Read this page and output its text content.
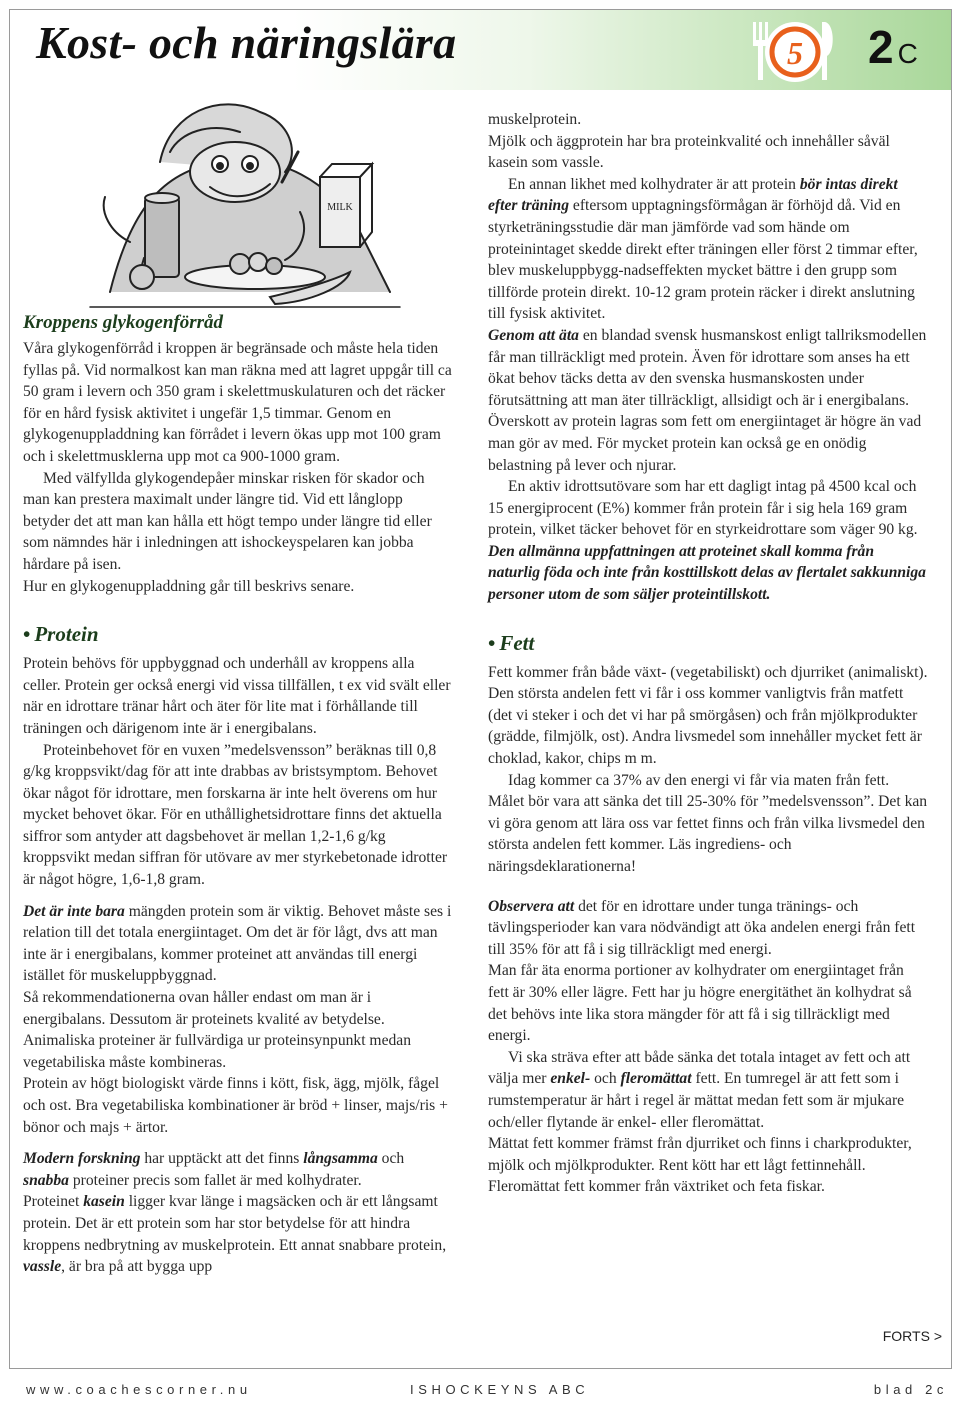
Kost- och näringslära	5 2 C
MILK
Kroppens glykogenförråd

Våra glykogenförråd i kroppen är begränsade och måste hela tiden fyllas på. Vid normalkost kan man räkna med att lagret uppgår till ca 50 gram i levern och 350 gram i skelettmuskulaturen och det räcker för en hård fysisk aktivitet i ungefär 1,5 timmar. Genom en glykogenuppladdning kan förrådet i levern ökas upp mot 100 gram och i skelettmusklerna upp mot ca 900-1000 gram.

Med välfyllda glykogendepåer minskar risken för skador och man kan prestera maximalt under längre tid. Vid ett långlopp betyder det att man kan hålla ett högt tempo under längre tid eller som nämndes här i inledningen att ishockeyspelaren kan jobba hårdare på isen.

Hur en glykogenuppladdning går till beskrivs senare.

• Protein

Protein behövs för uppbyggnad och underhåll av kroppens alla celler. Protein ger också energi vid vissa tillfällen, t ex vid svält eller när en idrottare tränar hårt och äter för lite mat i förhållande till träningen och därigenom inte är i energibalans.

Proteinbehovet för en vuxen ”medelsvensson” beräknas till 0,8 g/kg kroppsvikt/dag för att inte drabbas av bristsymptom. Behovet ökar något för idrottare, men forskarna är inte helt överens om hur mycket behovet ökar. För en uthållighetsidrottare finns det aktuella siffror som antyder att dagsbehovet är mellan 1,2-1,6 g/kg kroppsvikt medan siffran för utövare av mer styrkebetonade idrotter är något högre, 1,6-1,8 gram.

Det är inte bara mängden protein som är viktig. Behovet måste ses i relation till det totala energiintaget. Om det är för lågt, dvs att man inte är i energibalans, kommer proteinet att användas till energi istället för muskeluppbyggnad.

Så rekommendationerna ovan håller endast om man är i energibalans. Dessutom är proteinets kvalité av betydelse. Animaliska proteiner är fullvärdiga ur proteinsynpunkt medan vegetabiliska måste kombineras.

Protein av högt biologiskt värde finns i kött, fisk, ägg, mjölk, fågel och ost. Bra vegetabiliska kombinationer är bröd + linser, majs/ris + bönor och majs + ärtor.

Modern forskning har upptäckt att det finns långsamma och snabba proteiner precis som fallet är med kolhydrater.

Proteinet kasein ligger kvar länge i magsäcken och är ett långsamt protein. Det är ett protein som har stor betydelse för att hindra kroppens nedbrytning av muskelprotein. Ett annat snabbare protein, vassle, är bra på att bygga upp

muskelprotein.

Mjölk och äggprotein har bra proteinkvalité och innehåller såväl kasein som vassle.

En annan likhet med kolhydrater är att protein bör intas direkt efter träning eftersom upptagningsförmågan är förhöjd då. Vid en styrketräningsstudie där man jämförde vad som hände om proteinintaget skedde direkt efter träningen eller först 2 timmar efter, blev muskeluppbygg-nadseffekten mycket bättre i den grupp som tillförde protein direkt. 10-12 gram protein räcker i direkt anslutning till fysisk aktivitet.

Genom att äta en blandad svensk husmanskost enligt tallriksmodellen får man tillräckligt med protein. Även för idrottare som anses ha ett ökat behov täcks detta av den svenska husmanskosten under förutsättning att man äter tillräckligt, allsidigt och är i energibalans. Överskott av protein lagras som fett om energiintaget är högre än vad man gör av med. För mycket protein kan också ge en onödig belastning på lever och njurar.

En aktiv idrottsutövare som har ett dagligt intag på 4500 kcal och 15 energiprocent (E%) kommer från protein får i sig hela 169 gram protein, vilket täcker behovet för en styrkeidrottare som väger 90 kg.

Den allmänna uppfattningen att proteinet skall komma från naturlig föda och inte från kosttillskott delas av flertalet sakkunniga personer utom de som säljer proteintillskott.

• Fett

Fett kommer från både växt- (vegetabiliskt) och djurriket (animaliskt). Den största andelen fett vi får i oss kommer vanligtvis från matfett (det vi steker i och det vi har på smörgåsen) och från mjölkprodukter (grädde, filmjölk, ost). Andra livsmedel som innehåller mycket fett är choklad, kakor, chips m m.

Idag kommer ca 37% av den energi vi får via maten från fett. Målet bör vara att sänka det till 25-30% för ”medelsvensson”. Det kan vi göra genom att lära oss var fettet finns och från vilka livsmedel den största andelen fett kommer. Läs ingrediens- och näringsdeklarationerna!

Observera att det för en idrottare under tunga tränings- och tävlingsperioder kan vara nödvändigt att öka andelen energi från fett till 35% för att få i sig tillräckligt med energi.

Man får äta enorma portioner av kolhydrater om energiintaget från fett är 30% eller lägre. Fett har ju högre energitäthet än kolhydrat så det behövs inte lika stora mängder för att få i sig tillräckligt med energi.

Vi ska sträva efter att både sänka det totala intaget av fett och att välja mer enkel- och fleromättat fett. En tumregel är att fett som i rumstemperatur är hårt i regel är mättat medan fett som är mjukare och/eller flytande är enkel- eller fleromättat.

Mättat fett kommer främst från djurriket och finns i charkprodukter, mjölk och mjölkprodukter. Rent kött har ett lågt fettinnehåll. Fleromättat fett kommer från växtriket och feta fiskar.

FORTS >
www.coachescorner.nu	ISHOCKEYNS ABC	blad 2c
